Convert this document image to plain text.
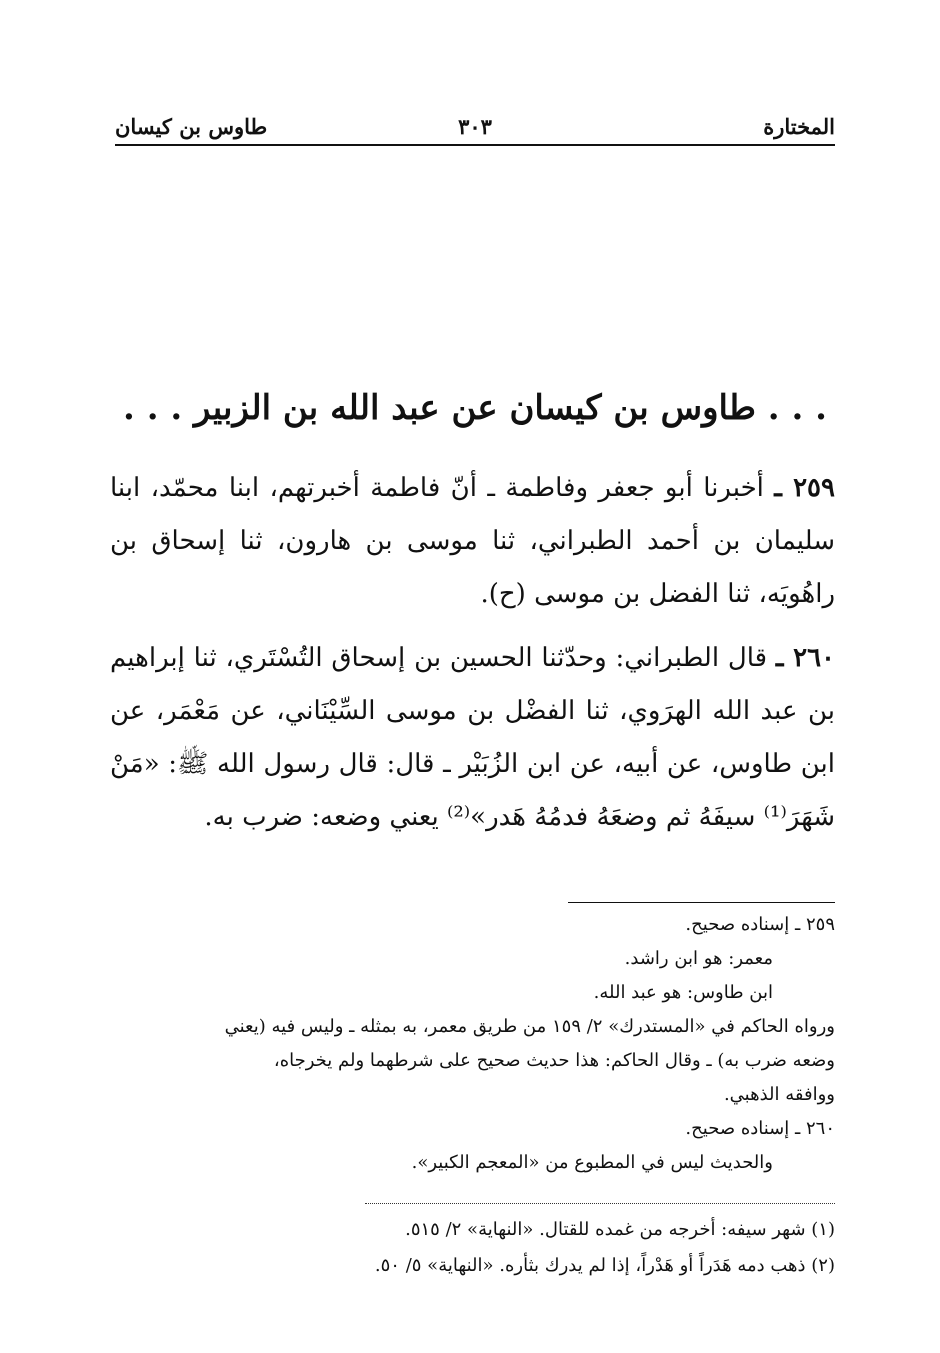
المختارة
٣٠٣
طاوس بن كيسان
. . . طاوس بن كيسان عن عبد الله بن الزبير . . .
٢٥٩ ـ أخبرنا أبو جعفر وفاطمة ـ أنّ فاطمة أخبرتهم، ابنا محمّد، ابنا سليمان بن أحمد الطبراني، ثنا موسى بن هارون، ثنا إسحاق بن راهُويَه، ثنا الفضل بن موسى (ح).
٢٦٠ ـ قال الطبراني: وحدّثنا الحسين بن إسحاق التُسْتَري، ثنا إبراهيم بن عبد الله الهرَوي، ثنا الفضْل بن موسى السِّيْنَاني، عن مَعْمَر، عن ابن طاوس، عن أبيه، عن ابن الزُبَيْر ـ قال: قال رسول الله ﷺ: «مَنْ شَهَرَ⁽¹⁾ سيفَهُ ثم وضعَهُ فدمُهُ هَدر»⁽²⁾ يعني وضعه: ضرب به.
٢٥٩ ـ إسناده صحيح.
معمر: هو ابن راشد.
ابن طاوس: هو عبد الله.
ورواه الحاكم في «المستدرك» ٢/ ١٥٩ من طريق معمر، به بمثله ـ وليس فيه (يعني
وضعه ضرب به) ـ وقال الحاكم: هذا حديث صحيح على شرطهما ولم يخرجاه،
ووافقه الذهبي.
٢٦٠ ـ إسناده صحيح.
والحديث ليس في المطبوع من «المعجم الكبير».
(١) شهر سيفه: أخرجه من غمده للقتال. «النهاية» ٢/ ٥١٥.
(٢) ذهب دمه هَدَراً أو هَدْراً، إذا لم يدرك بثأره. «النهاية» ٥/ ٥٠.
